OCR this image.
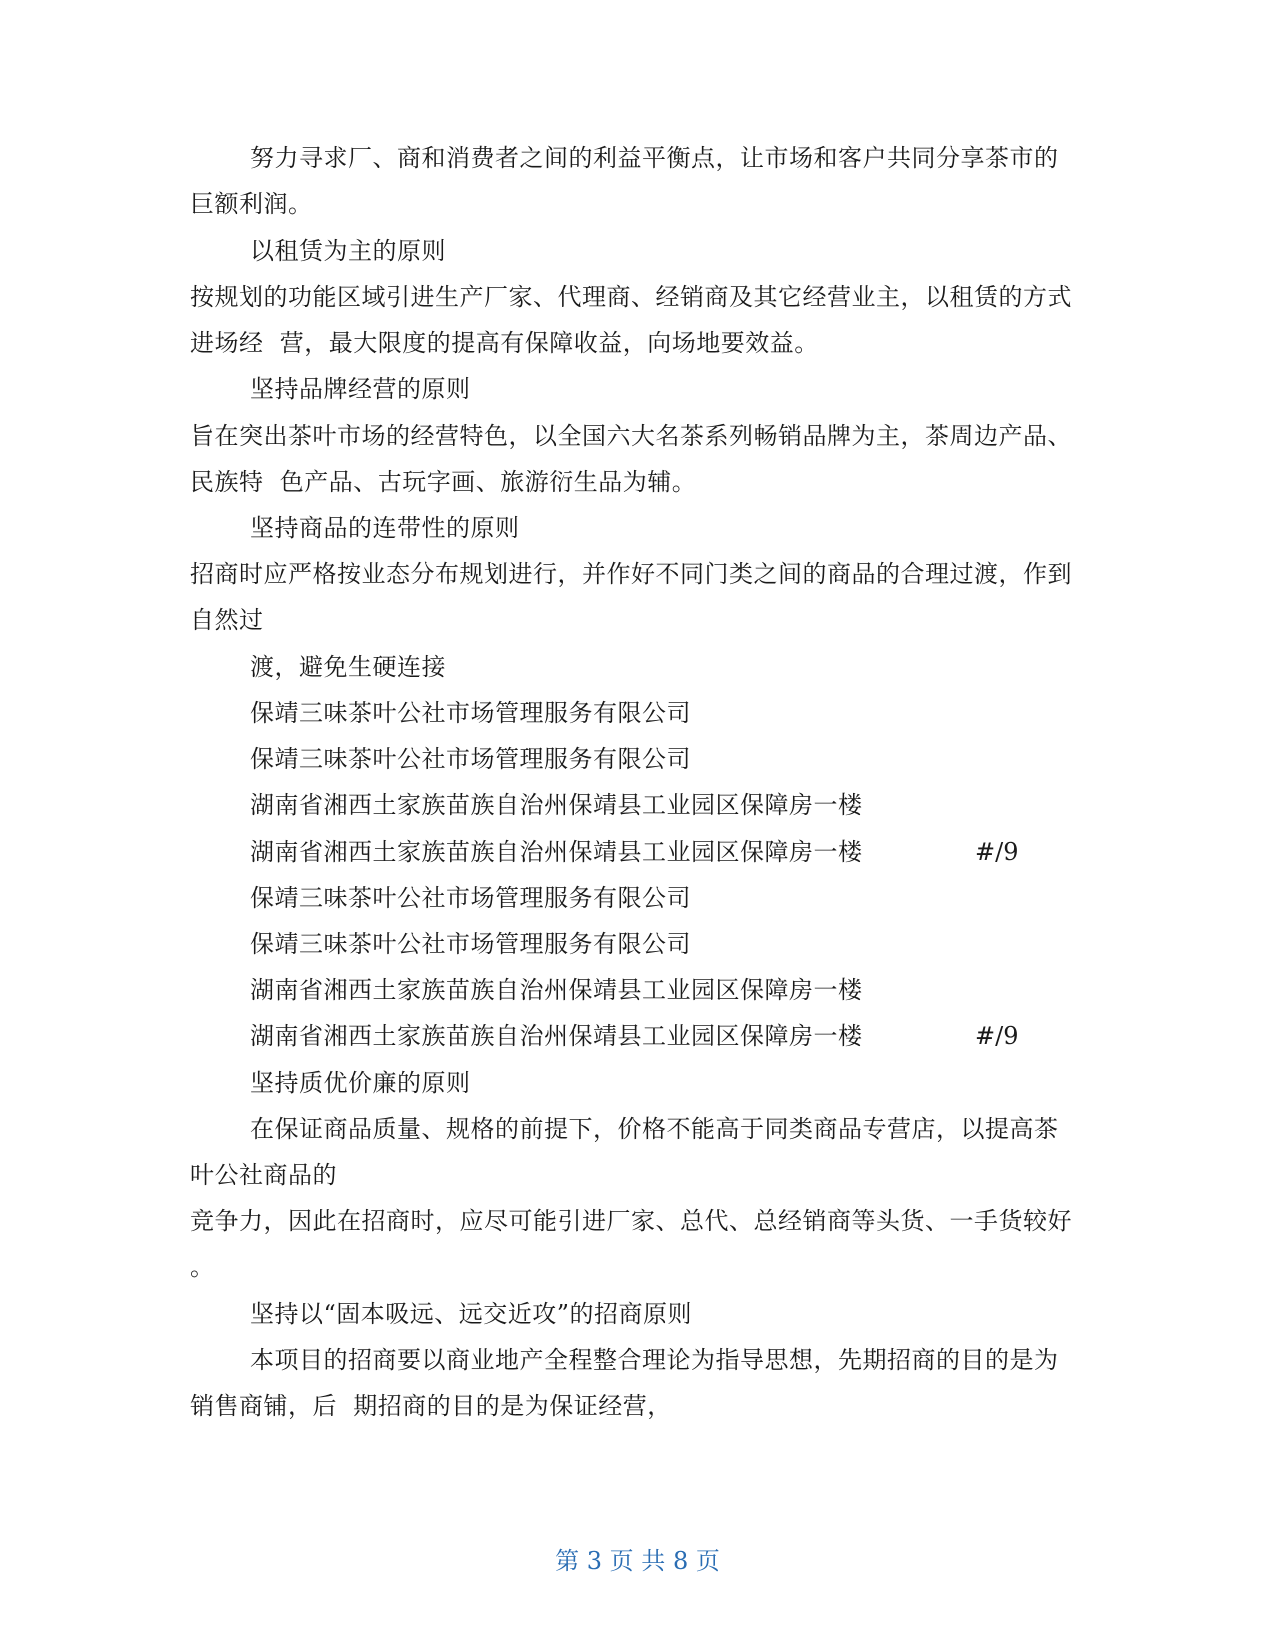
努力寻求厂、商和消费者之间的利益平衡点，让市场和客户共同分享茶市的
巨额利润。
以租赁为主的原则
按规划的功能区域引进生产厂家、代理商、经销商及其它经营业主，以租赁的方式
进场经  营，最大限度的提高有保障收益，向场地要效益。
坚持品牌经营的原则
旨在突出茶叶市场的经营特色，以全国六大名茶系列畅销品牌为主，茶周边产品、
民族特  色产品、古玩字画、旅游衍生品为辅。
坚持商品的连带性的原则
招商时应严格按业态分布规划进行，并作好不同门类之间的商品的合理过渡，作到
自然过
渡，避免生硬连接
保靖三味茶叶公社市场管理服务有限公司
保靖三味茶叶公社市场管理服务有限公司
湖南省湘西土家族苗族自治州保靖县工业园区保障房一楼
湖南省湘西土家族苗族自治州保靖县工业园区保障房一楼	#/9
保靖三味茶叶公社市场管理服务有限公司
保靖三味茶叶公社市场管理服务有限公司
湖南省湘西土家族苗族自治州保靖县工业园区保障房一楼
湖南省湘西土家族苗族自治州保靖县工业园区保障房一楼	#/9
坚持质优价廉的原则
在保证商品质量、规格的前提下，价格不能高于同类商品专营店，以提高茶
叶公社商品的
竞争力，因此在招商时，应尽可能引进厂家、总代、总经销商等头货、一手货较好
。
坚持以“固本吸远、远交近攻”的招商原则
本项目的招商要以商业地产全程整合理论为指导思想，先期招商的目的是为
销售商铺，后  期招商的目的是为保证经营，
第 3 页 共 8 页
